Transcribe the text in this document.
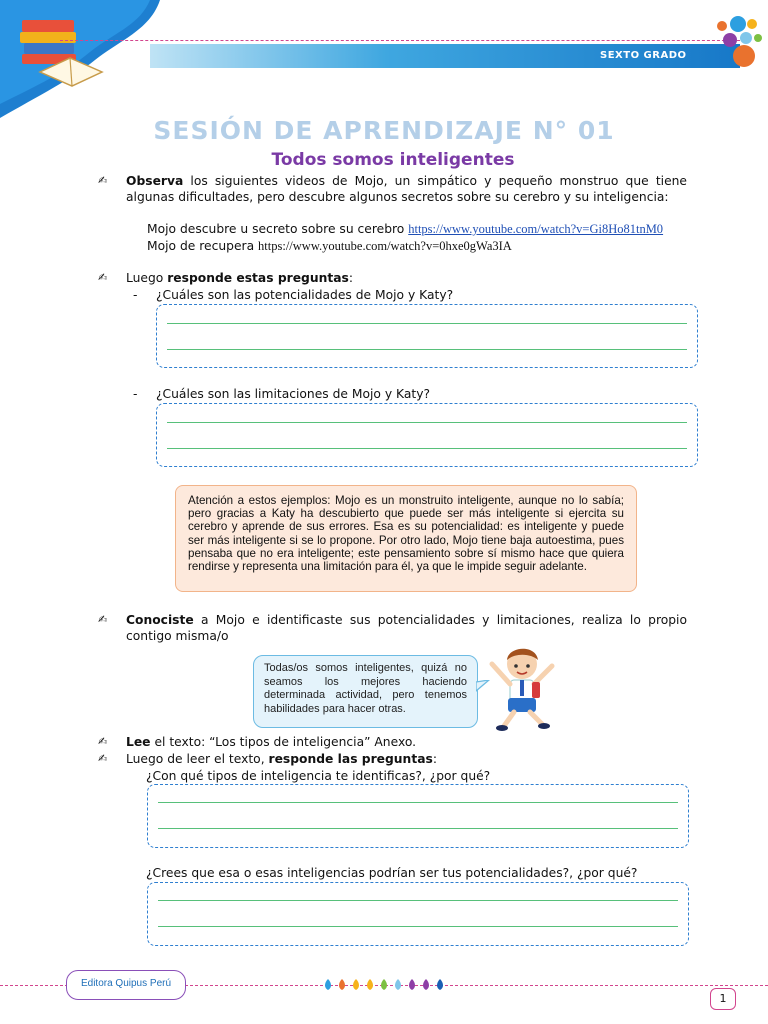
SEXTO GRADO
SESIÓN DE APRENDIZAJE N° 01
Todos somos inteligentes
✍	Observa los siguientes videos de Mojo, un simpático y pequeño monstruo que tiene algunas dificultades, pero descubre algunos secretos sobre su cerebro y su inteligencia:
Mojo descubre u secreto sobre su cerebro https://www.youtube.com/watch?v=Gi8Ho81tnM0
Mojo de recupera https://www.youtube.com/watch?v=0hxe0gWa3IA
✍	Luego responde estas preguntas:
- ¿Cuáles son las potencialidades de Mojo y Katy?
- ¿Cuáles son las limitaciones de Mojo y Katy?
Atención a estos ejemplos: Mojo es un monstruito inteligente, aunque no lo sabía; pero gracias a Katy ha descubierto que puede ser más inteligente si ejercita su cerebro y aprende de sus errores. Esa es su potencialidad: es inteligente y puede ser más inteligente si se lo propone. Por otro lado, Mojo tiene baja autoestima, pues pensaba que no era inteligente; este pensamiento sobre sí mismo hace que quiera rendirse y representa una limitación para él, ya que le impide seguir adelante.
✍	Conociste a Mojo e identificaste sus potencialidades y limitaciones, realiza lo propio contigo misma/o
Todas/os somos inteligentes, quizá no seamos los mejores haciendo determinada actividad, pero tenemos habilidades para hacer otras.
✍	Lee el texto: “Los tipos de inteligencia” Anexo.
✍	Luego de leer el texto, responde las preguntas:
¿Con qué tipos de inteligencia te identificas?, ¿por qué?
¿Crees que esa o esas inteligencias podrían ser tus potencialidades?, ¿por qué?
Editora Quipus Perú
1
